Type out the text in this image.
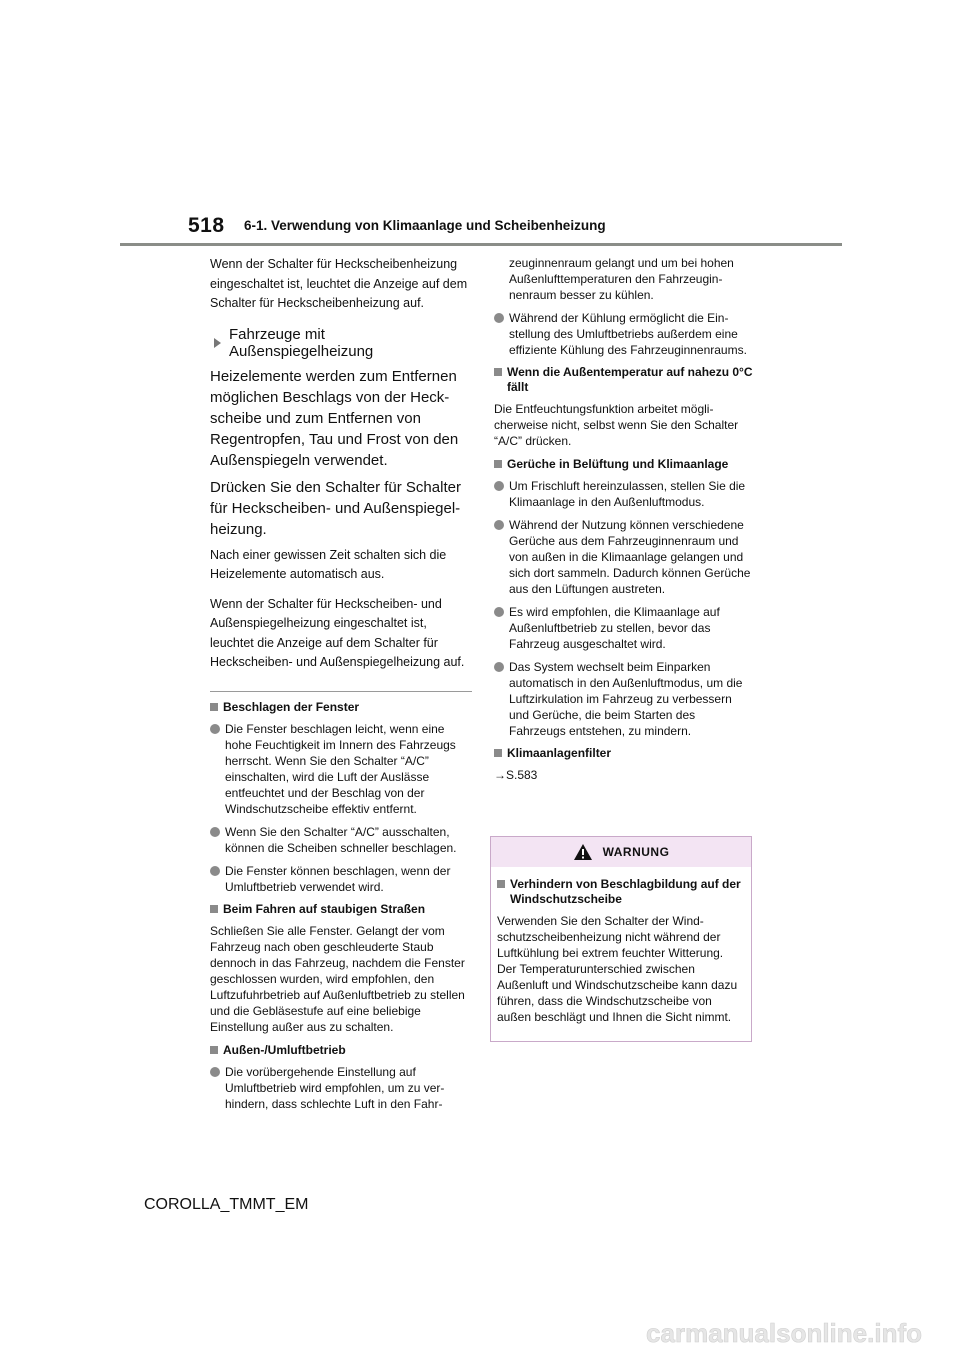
518 6-1. Verwendung von Klimaanlage und Scheibenheizung

Wenn der Schalter für Heckscheibenheizung eingeschaltet ist, leuchtet die Anzeige auf dem Schalter für Heckscheibenheizung auf.

Fahrzeuge mit Außenspiegelheizung

Heizelemente werden zum Entfernen möglichen Beschlags von der Heckscheibe und zum Entfernen von Regentropfen, Tau und Frost von den Außenspiegeln verwendet.

Drücken Sie den Schalter für Schalter für Heckscheiben- und Außenspiegelheizung.

Nach einer gewissen Zeit schalten sich die Heizelemente automatisch aus.

Wenn der Schalter für Heckscheiben- und Außenspiegelheizung eingeschaltet ist, leuchtet die Anzeige auf dem Schalter für Heckscheiben- und Außenspiegelheizung auf.

Beschlagen der Fenster
Die Fenster beschlagen leicht, wenn eine hohe Feuchtigkeit im Innern des Fahrzeugs herrscht. Wenn Sie den Schalter “A/C” einschalten, wird die Luft der Auslässe entfeuchtet und der Beschlag von der Windschutzscheibe effektiv entfernt.
Wenn Sie den Schalter “A/C” ausschalten, können die Scheiben schneller beschlagen.
Die Fenster können beschlagen, wenn der Umluftbetrieb verwendet wird.
Beim Fahren auf staubigen Straßen

Schließen Sie alle Fenster. Gelangt der vom Fahrzeug nach oben geschleuderte Staub dennoch in das Fahrzeug, nachdem die Fenster geschlossen wurden, wird empfohlen, den Luftzufuhrbetrieb auf Außenluftbetrieb zu stellen und die Gebläsestufe auf eine beliebige Einstellung außer aus zu schalten.

Außen-/Umluftbetrieb
Die vorübergehende Einstellung auf Umluftbetrieb wird empfohlen, um zu verhindern, dass schlechte Luft in den Fahr-

zeuginnenraum gelangt und um bei hohen Außenlufttemperaturen den Fahrzeuginnenraum besser zu kühlen.

Während der Kühlung ermöglicht die Einstellung des Umluftbetriebs außerdem eine effiziente Kühlung des Fahrzeuginnenraums.
Wenn die Außentemperatur auf nahezu 0°C fällt

Die Entfeuchtungsfunktion arbeitet möglicherweise nicht, selbst wenn Sie den Schalter “A/C” drücken.

Gerüche in Belüftung und Klimaanlage
Um Frischluft hereinzulassen, stellen Sie die Klimaanlage in den Außenluftmodus.
Während der Nutzung können verschiedene Gerüche aus dem Fahrzeuginnenraum und von außen in die Klimaanlage gelangen und sich dort sammeln. Dadurch können Gerüche aus den Lüftungen austreten.
Es wird empfohlen, die Klimaanlage auf Außenluftbetrieb zu stellen, bevor das Fahrzeug ausgeschaltet wird.
Das System wechselt beim Einparken automatisch in den Außenluftmodus, um die Luftzirkulation im Fahrzeug zu verbessern und Gerüche, die beim Starten des Fahrzeugs entstehen, zu mindern.
Klimaanlagenfilter

→S.583

WARNUNG
Verhindern von Beschlagbildung auf der Windschutzscheibe

Verwenden Sie den Schalter der Windschutzscheibenheizung nicht während der Luftkühlung bei extrem feuchter Witterung. Der Temperaturunterschied zwischen Außenluft und Windschutzscheibe kann dazu führen, dass die Windschutzscheibe von außen beschlägt und Ihnen die Sicht nimmt.

COROLLA_TMMT_EM
carmanualsonline.info
